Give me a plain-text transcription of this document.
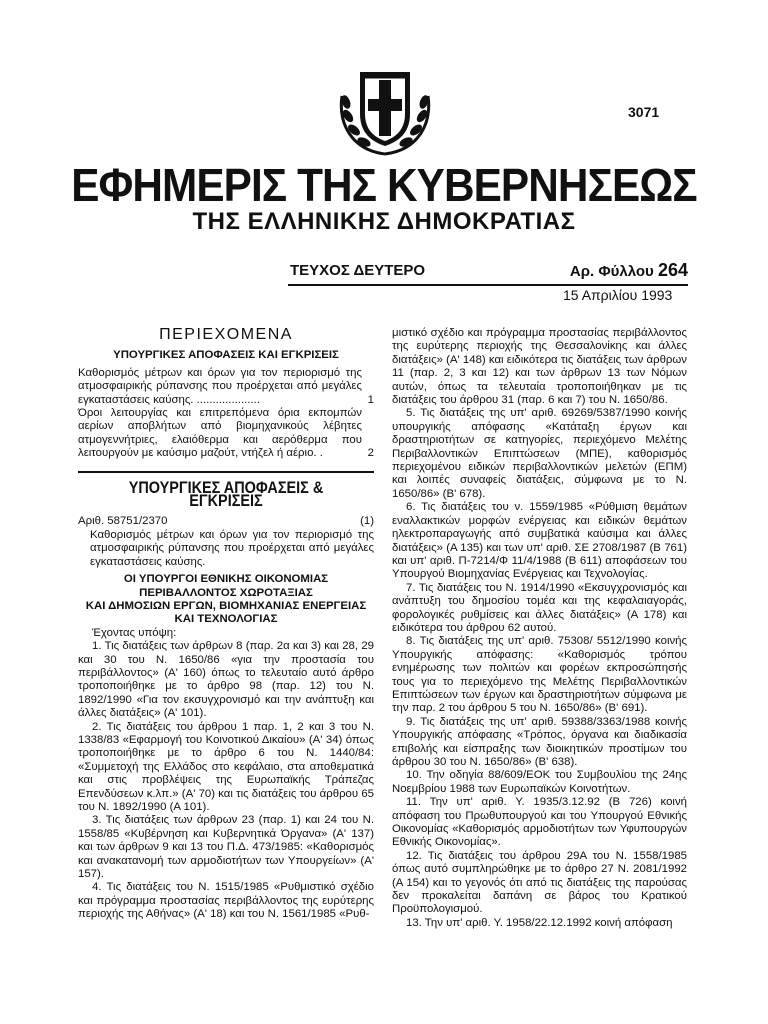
3071
ΕΦΗΜΕΡΙΣ ΤΗΣ ΚΥΒΕΡΝΗΣΕΩΣ
ΤΗΣ ΕΛΛΗΝΙΚΗΣ ΔΗΜΟΚΡΑΤΙΑΣ
ΤΕΥΧΟΣ ΔΕΥΤΕΡΟ	Αρ. Φύλλου 264
15 Απριλίου 1993
ΠΕΡΙΕΧΟΜΕΝΑ
ΥΠΟΥΡΓΙΚΕΣ ΑΠΟΦΑΣΕΙΣ ΚΑΙ ΕΓΚΡΙΣΕΙΣ
Καθορισμός μέτρων και όρων για τον περιορισμό της ατμοσφαιρικής ρύπανσης που προέρχεται από μεγάλες εγκαταστάσεις καύσης. ....................	1
Όροι λειτουργίας και επιτρεπόμενα όρια εκπομπών αερίων αποβλήτων από βιομηχανικούς λέβητες ατμογεννήτριες, ελαιόθερμα και αερόθερμα που λειτουργούν με καύσιμο μαζούτ, ντήζελ ή αέριο. .	2
ΥΠΟΥΡΓΙΚΕΣ ΑΠΟΦΑΣΕΙΣ & ΕΓΚΡΙΣΕΙΣ
Αριθ. 58751/2370	(1)

Καθορισμός μέτρων και όρων για τον περιορισμό της ατμοσφαιρικής ρύπανσης που προέρχεται από μεγάλες εγκαταστάσεις καύσης.

ΟΙ ΥΠΟΥΡΓΟΙ ΕΘΝΙΚΗΣ ΟΙΚΟΝΟΜΙΑΣ
ΠΕΡΙΒΑΛΛΟΝΤΟΣ ΧΩΡΟΤΑΞΙΑΣ
ΚΑΙ ΔΗΜΟΣΙΩΝ ΕΡΓΩΝ, ΒΙΟΜΗΧΑΝΙΑΣ ΕΝΕΡΓΕΙΑΣ
ΚΑΙ ΤΕΧΝΟΛΟΓΙΑΣ

Έχοντας υπόψη:

1. Τις διατάξεις των άρθρων 8 (παρ. 2α και 3) και 28, 29 και 30 του Ν. 1650/86 «για την προστασία του περιβάλλοντος» (Α' 160) όπως το τελευταίο αυτό άρθρο τροποποιήθηκε με το άρθρο 98 (παρ. 12) του Ν. 1892/1990 «Για τον εκσυγχρονισμό και την ανάπτυξη και άλλες διατάξεις» (Α' 101).

2. Τις διατάξεις του άρθρου 1 παρ. 1, 2 και 3 του Ν. 1338/83 «Εφαρμογή του Κοινοτικού Δικαίου» (Α' 34) όπως τροποποιήθηκε με το άρθρο 6 του Ν. 1440/84: «Συμμετοχή της Ελλάδος στο κεφάλαιο, στα αποθεματικά και στις προβλέψεις της Ευρωπαϊκής Τράπεζας Επενδύσεων κ.λπ.» (Α' 70) και τις διατάξεις του άρθρου 65 του Ν. 1892/1990 (Α 101).

3. Τις διατάξεις των άρθρων 23 (παρ. 1) και 24 του Ν. 1558/85 «Κυβέρνηση και Κυβερνητικά Όργανα» (Α' 137) και των άρθρων 9 και 13 του Π.Δ. 473/1985: «Καθορισμός και ανακατανομή των αρμοδιοτήτων των Υπουργείων» (Α' 157).

4. Τις διατάξεις του Ν. 1515/1985 «Ρυθμιστικό σχέδιο και πρόγραμμα προστασίας περιβάλλοντος της ευρύτερης περιοχής της Αθήνας» (Α' 18) και του Ν. 1561/1985 «Ρυθ-

μιστικό σχέδιο και πρόγραμμα προστασίας περιβάλλοντος της ευρύτερης περιοχής της Θεσσαλονίκης και άλλες διατάξεις» (Α' 148) και ειδικότερα τις διατάξεις των άρθρων 11 (παρ. 2, 3 και 12) και των άρθρων 13 των Νόμων αυτών, όπως τα τελευταία τροποποιήθηκαν με τις διατάξεις του άρθρου 31 (παρ. 6 και 7) του Ν. 1650/86.

5. Τις διατάξεις της υπ' αριθ. 69269/5387/1990 κοινής υπουργικής απόφασης «Κατάταξη έργων και δραστηριοτήτων σε κατηγορίες, περιεχόμενο Μελέτης Περιβαλλοντικών Επιπτώσεων (ΜΠΕ), καθορισμός περιεχομένου ειδικών περιβαλλοντικών μελετών (ΕΠΜ) και λοιπές συναφείς διατάξεις, σύμφωνα με το Ν. 1650/86» (Β' 678).

6. Τις διατάξεις του ν. 1559/1985 «Ρύθμιση θεμάτων εναλλακτικών μορφών ενέργειας και ειδικών θεμάτων ηλεκτροπαραγωγής από συμβατικά καύσιμα και άλλες διατάξεις» (Α 135) και των υπ' αριθ. ΣΕ 2708/1987 (Β 761) και υπ' αριθ. Π-7214/Φ 11/4/1988 (Β 611) αποφάσεων του Υπουργού Βιομηχανίας Ενέργειας και Τεχνολογίας.

7. Τις διατάξεις του Ν. 1914/1990 «Εκσυγχρονισμός και ανάπτυξη του δημοσίου τομέα και της κεφαλαιαγοράς, φορολογικές ρυθμίσεις και άλλες διατάξεις» (Α 178) και ειδικότερα του άρθρου 62 αυτού.

8. Τις διατάξεις της υπ' αριθ. 75308/ 5512/1990 κοινής Υπουργικής απόφασης: «Καθορισμός τρόπου ενημέρωσης των πολιτών και φορέων εκπροσώπησής τους για το περιεχόμενο της Μελέτης Περιβαλλοντικών Επιπτώσεων των έργων και δραστηριοτήτων σύμφωνα με την παρ. 2 του άρθρου 5 του Ν. 1650/86» (Β' 691).

9. Τις διατάξεις της υπ' αριθ. 59388/3363/1988 κοινής Υπουργικής απόφασης «Τρόπος, όργανα και διαδικασία επιβολής και είσπραξης των διοικητικών προστίμων του άρθρου 30 του Ν. 1650/86» (Β' 638).

10. Την οδηγία 88/609/ΕΟΚ του Συμβουλίου της 24ης Νοεμβρίου 1988 των Ευρωπαϊκών Κοινοτήτων.

11. Την υπ' αριθ. Υ. 1935/3.12.92 (Β 726) κοινή απόφαση του Πρωθυπουργού και του Υπουργού Εθνικής Οικονομίας «Καθορισμός αρμοδιοτήτων των Υφυπουργών Εθνικής Οικονομίας».

12. Τις διατάξεις του άρθρου 29Α του Ν. 1558/1985 όπως αυτό συμπληρώθηκε με το άρθρο 27 Ν. 2081/1992 (Α 154) και το γεγονός ότι από τις διατάξεις της παρούσας δεν προκαλείται δαπάνη σε βάρος του Κρατικού Προϋπολογισμού.

13. Την υπ' αριθ. Υ. 1958/22.12.1992 κοινή απόφαση
